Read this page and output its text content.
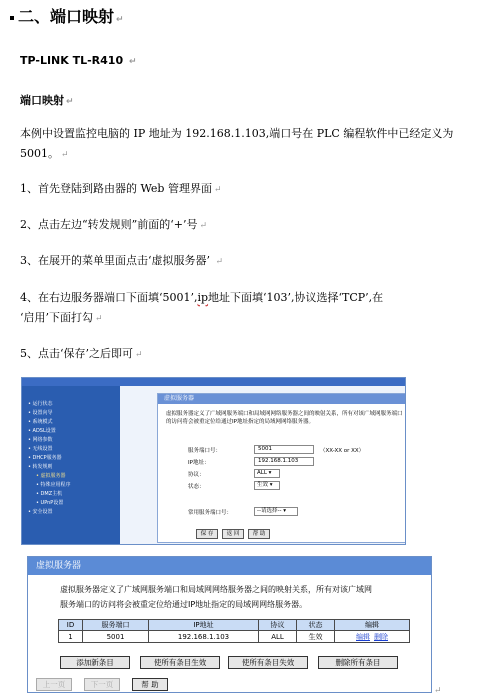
二、端口映射 ↵
TP-LINK TL-R410 ↵
端口映射 ↵
本例中设置监控电脑的 IP 地址为 192.168.1.103,端口号在 PLC 编程软件中已经定义为
5001。 ↵
1、首先登陆到路由器的 Web 管理界面 ↵
2、点击左边“转发规则”前面的‘+’号 ↵
3、在展开的菜单里面点击‘虚拟服务器’ ↵
4、在右边服务器端口下面填‘5001’,ip地址下面填‘103’,协议选择‘TCP’,在
‘启用’下面打勾 ↵
5、点击‘保存’之后即可 ↵
• 运行状态
• 设置向导
• 系统模式
• ADSL设置
• 网络参数
• 无线设置
• DHCP服务器
• 转发规则
• 虚拟服务器
• 特殊应用程序
• DMZ主机
• UPnP设置
• 安全设置
虚拟服务器
虚拟服务器定义了广域网服务端口和局域网网络服务器之间的映射关系，所有对该广域网服务端口的访问将会被重定位给通过IP地址指定的局域网网络服务器。
服务端口号：	5001	（XX-XX or XX）
IP地址：	192.168.1.103
协议：	ALL ▾
状态：	生效 ▾
常用服务端口号：	--请选择-- ▾
保 存	返 回	帮 助
虚拟服务器
虚拟服务器定义了广域网服务端口和局域网网络服务器之间的映射关系，所有对该广域网
服务端口的访问将会被重定位给通过IP地址指定的局域网网络服务器。
ID	服务端口	IP地址	协议	状态	编辑
1	5001	192.168.1.103	ALL	生效	编辑 删除
添加新条目	使所有条目生效	使所有条目失效	删除所有条目
上一页	下一页	帮 助
↵
